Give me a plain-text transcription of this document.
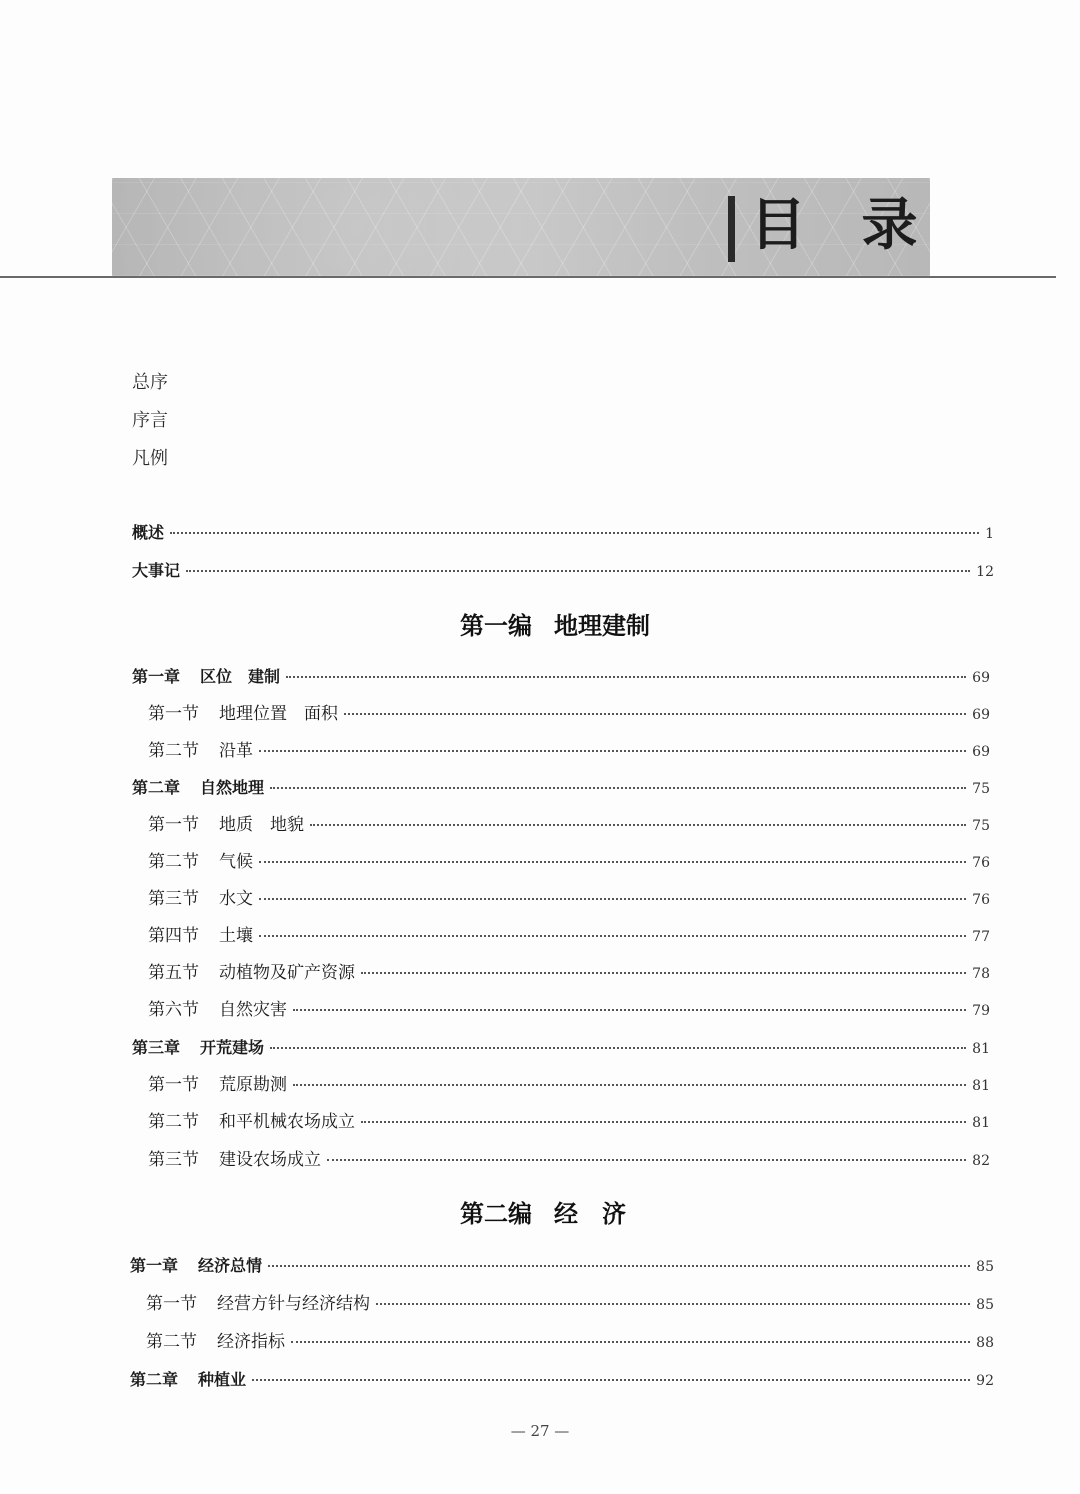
目 录
总序
序言
凡例
概述	1
大事记	12
第一编 地理建制
第一章 区位　建制	69
第一节 地理位置　面积	69
第二节 沿革	69
第二章 自然地理	75
第一节 地质　地貌	75
第二节 气候	76
第三节 水文	76
第四节 土壤	77
第五节 动植物及矿产资源	78
第六节 自然灾害	79
第三章 开荒建场	81
第一节 荒原勘测	81
第二节 和平机械农场成立	81
第三节 建设农场成立	82
第二编 经　济
第一章 经济总情	85
第一节 经营方针与经济结构	85
第二节 经济指标	88
第二章 种植业	92
— 27 —
